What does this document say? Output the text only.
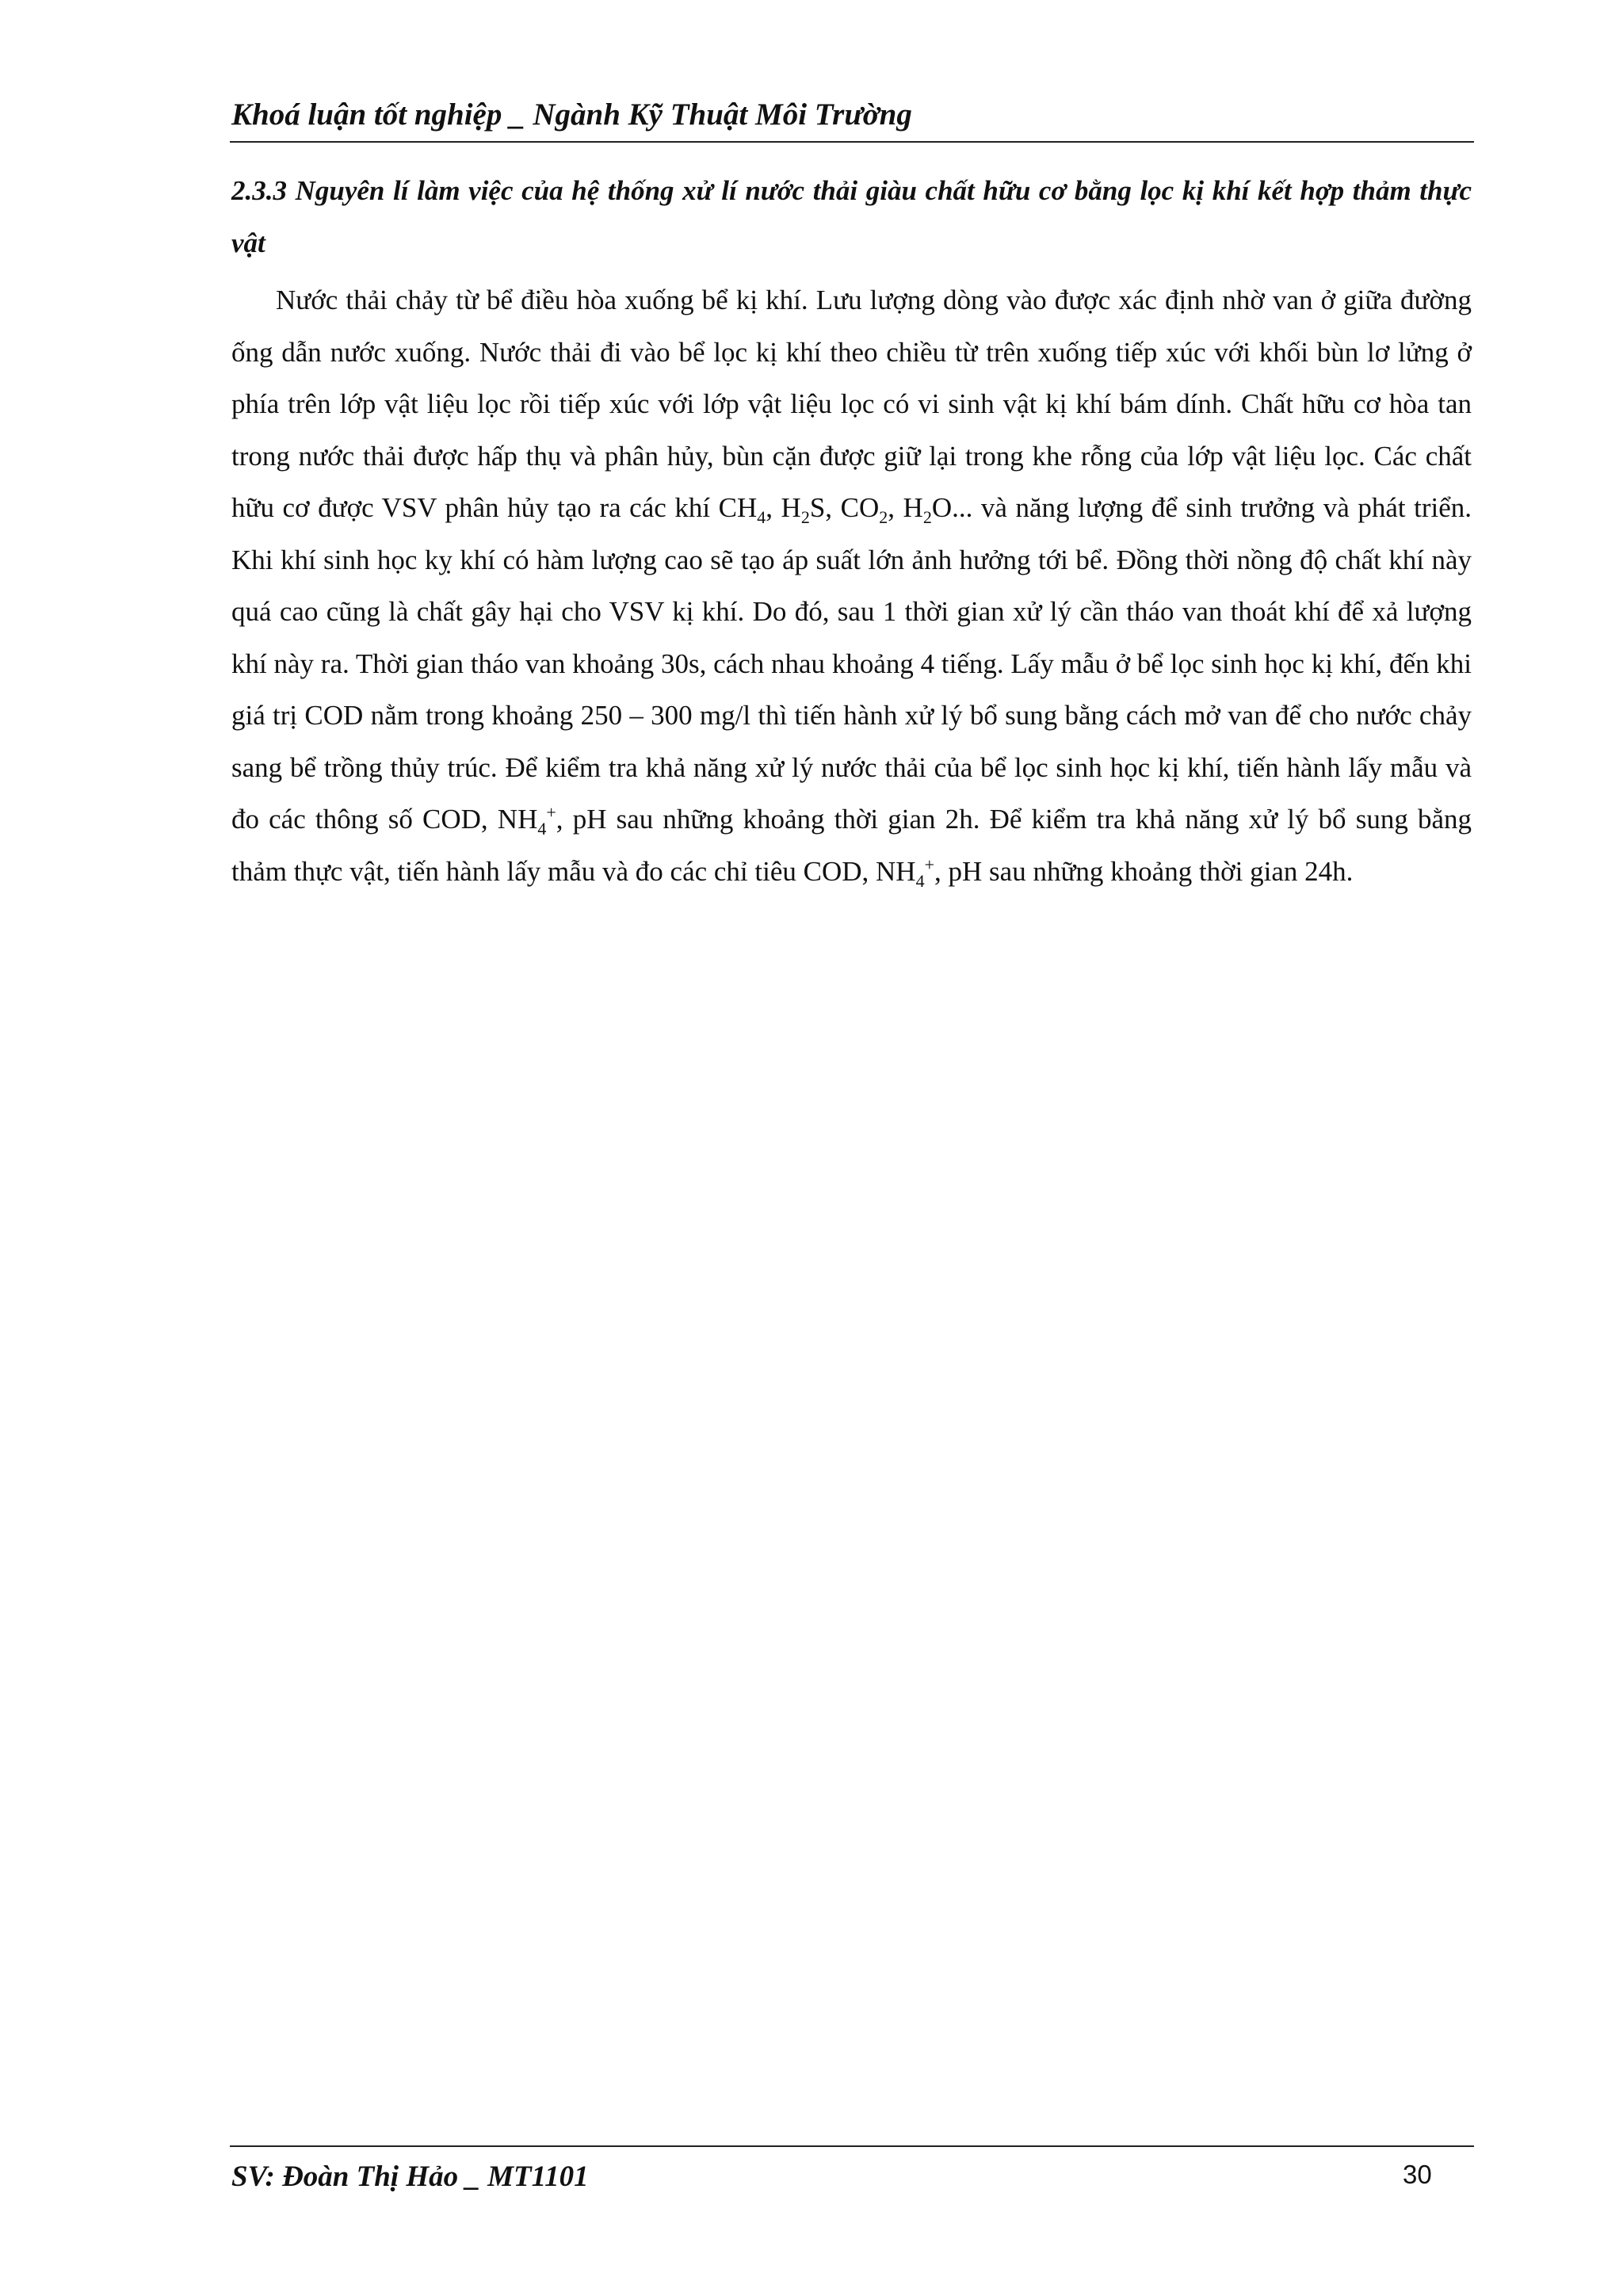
Khoá luận tốt nghiệp _ Ngành Kỹ Thuật Môi Trường

2.3.3 Nguyên lí làm việc của hệ thống xử lí nước thải giàu chất hữu cơ bằng lọc kị khí kết hợp thảm thực vật

Nước thải chảy từ bể điều hòa xuống bể kị khí. Lưu lượng dòng vào được xác định nhờ van ở giữa đường ống dẫn nước xuống. Nước thải đi vào bể lọc kị khí theo chiều từ trên xuống tiếp xúc với khối bùn lơ lửng ở phía trên lớp vật liệu lọc rồi tiếp xúc với lớp vật liệu lọc có vi sinh vật kị khí bám dính. Chất hữu cơ hòa tan trong nước thải được hấp thụ và phân hủy, bùn cặn được giữ lại trong khe rỗng của lớp vật liệu lọc. Các chất hữu cơ được VSV phân hủy tạo ra các khí $CH_4$, $H_2S$, $CO_2$, $H_2O$... và năng lượng để sinh trưởng và phát triển. Khi khí sinh học kỵ khí có hàm lượng cao sẽ tạo áp suất lớn ảnh hưởng tới bể. Đồng thời nồng độ chất khí này quá cao cũng là chất gây hại cho VSV kị khí. Do đó, sau 1 thời gian xử lý cần tháo van thoát khí để xả lượng khí này ra. Thời gian tháo van khoảng 30s, cách nhau khoảng 4 tiếng. Lấy mẫu ở bể lọc sinh học kị khí, đến khi giá trị COD nằm trong khoảng 250 – 300 mg/l thì tiến hành xử lý bổ sung bằng cách mở van để cho nước chảy sang bể trồng thủy trúc. Để kiểm tra khả năng xử lý nước thải của bể lọc sinh học kị khí, tiến hành lấy mẫu và đo các thông số COD, $NH_4^+$, pH sau những khoảng thời gian 2h. Để kiểm tra khả năng xử lý bổ sung bằng thảm thực vật, tiến hành lấy mẫu và đo các chỉ tiêu COD, $NH_4^+$, pH sau những khoảng thời gian 24h.

SV: Đoàn Thị Hảo _ MT1101	30
